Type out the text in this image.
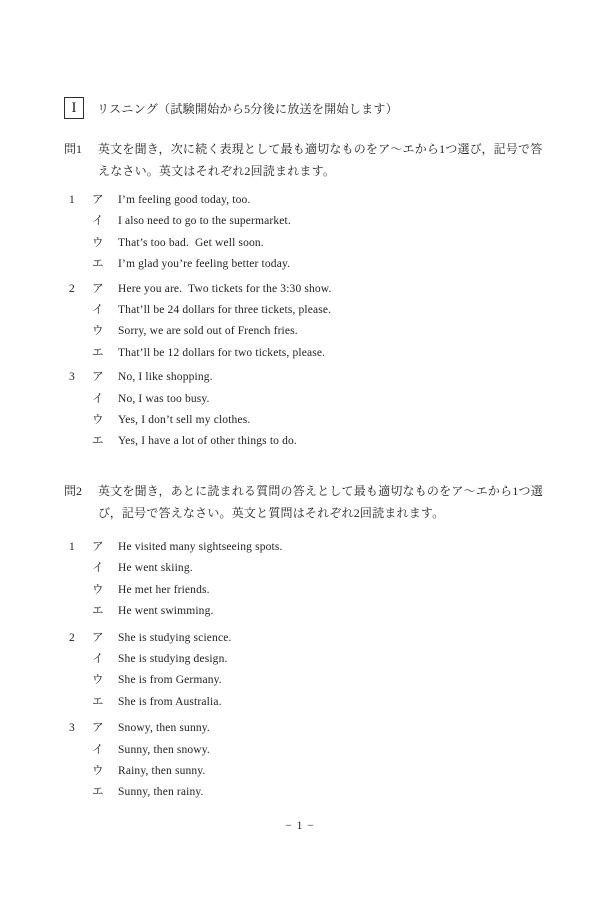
I リスニング（試験開始から5分後に放送を開始します）
問1	英文を聞き，次に続く表現として最も適切なものをア～エから1つ選び，記号で答
えなさい。英文はそれぞれ2回読まれます。
1	ア	I’m feeling good today, too.
イ	I also need to go to the supermarket.
ウ	That’s too bad.  Get well soon.
エ	I’m glad you’re feeling better today.
2	ア	Here you are.  Two tickets for the 3:30 show.
イ	That’ll be 24 dollars for three tickets, please.
ウ	Sorry, we are sold out of French fries.
エ	That’ll be 12 dollars for two tickets, please.
3	ア	No, I like shopping.
イ	No, I was too busy.
ウ	Yes, I don’t sell my clothes.
エ	Yes, I have a lot of other things to do.
問2	英文を聞き，あとに読まれる質問の答えとして最も適切なものをア～エから1つ選
び，記号で答えなさい。英文と質問はそれぞれ2回読まれます。
1	ア	He visited many sightseeing spots.
イ	He went skiing.
ウ	He met her friends.
エ	He went swimming.
2	ア	She is studying science.
イ	She is studying design.
ウ	She is from Germany.
エ	She is from Australia.
3	ア	Snowy, then sunny.
イ	Sunny, then snowy.
ウ	Rainy, then sunny.
エ	Sunny, then rainy.
− 1 −
